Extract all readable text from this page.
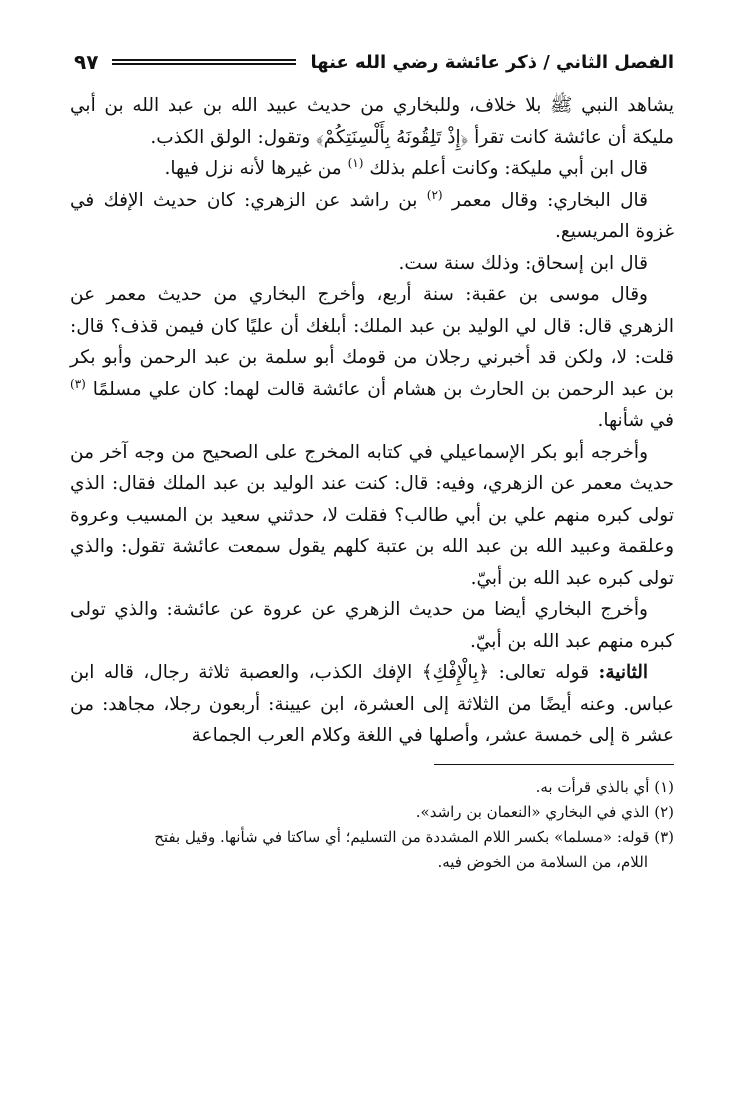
الفصل الثاني / ذكر عائشة رضي الله عنها
٩٧

يشاهد النبي ﷺ بلا خلاف، وللبخاري من حديث عبيد الله بن عبد الله بن أبي مليكة أن عائشة كانت تقرأ ﴿إِذْ تَلِقُونَهُ بِأَلْسِنَتِكُمْ﴾ وتقول: الولق الكذب.

قال ابن أبي مليكة: وكانت أعلم بذلك $^{(١)}$ من غيرها لأنه نزل فيها.

قال البخاري: وقال معمر $^{(٢)}$ بن راشد عن الزهري: كان حديث الإفك في غزوة المريسيع.

قال ابن إسحاق: وذلك سنة ست.

وقال موسى بن عقبة: سنة أربع، وأخرج البخاري من حديث معمر عن الزهري قال: قال لي الوليد بن عبد الملك: أبلغك أن عليًا كان فيمن قذف؟ قال: قلت: لا، ولكن قد أخبرني رجلان من قومك أبو سلمة بن عبد الرحمن وأبو بكر بن عبد الرحمن بن الحارث بن هشام أن عائشة قالت لهما: كان علي مسلمًا $^{(٣)}$ في شأنها.

وأخرجه أبو بكر الإسماعيلي في كتابه المخرج على الصحيح من وجه آخر من حديث معمر عن الزهري، وفيه: قال: كنت عند الوليد بن عبد الملك فقال: الذي تولى كبره منهم علي بن أبي طالب؟ فقلت لا، حدثني سعيد بن المسيب وعروة وعلقمة وعبيد الله بن عبد الله بن عتبة كلهم يقول سمعت عائشة تقول: والذي تولى كبره عبد الله بن أبيّ.

وأخرج البخاري أيضا من حديث الزهري عن عروة عن عائشة: والذي تولى كبره منهم عبد الله بن أبيّ.

الثانية: قوله تعالى: ﴿بِالْإِفْكِ﴾ الإفك الكذب، والعصبة ثلاثة رجال، قاله ابن عباس. وعنه أيضًا من الثلاثة إلى العشرة، ابن عيينة: أربعون رجلا، مجاهد: من عشر ة إلى خمسة عشر، وأصلها في اللغة وكلام العرب الجماعة

(١) أي بالذي قرأت به.

(٢) الذي في البخاري «النعمان بن راشد».

(٣) قوله: «مسلما» بكسر اللام المشددة من التسليم؛ أي ساكتا في شأنها. وقيل بفتح

اللام، من السلامة من الخوض فيه.
